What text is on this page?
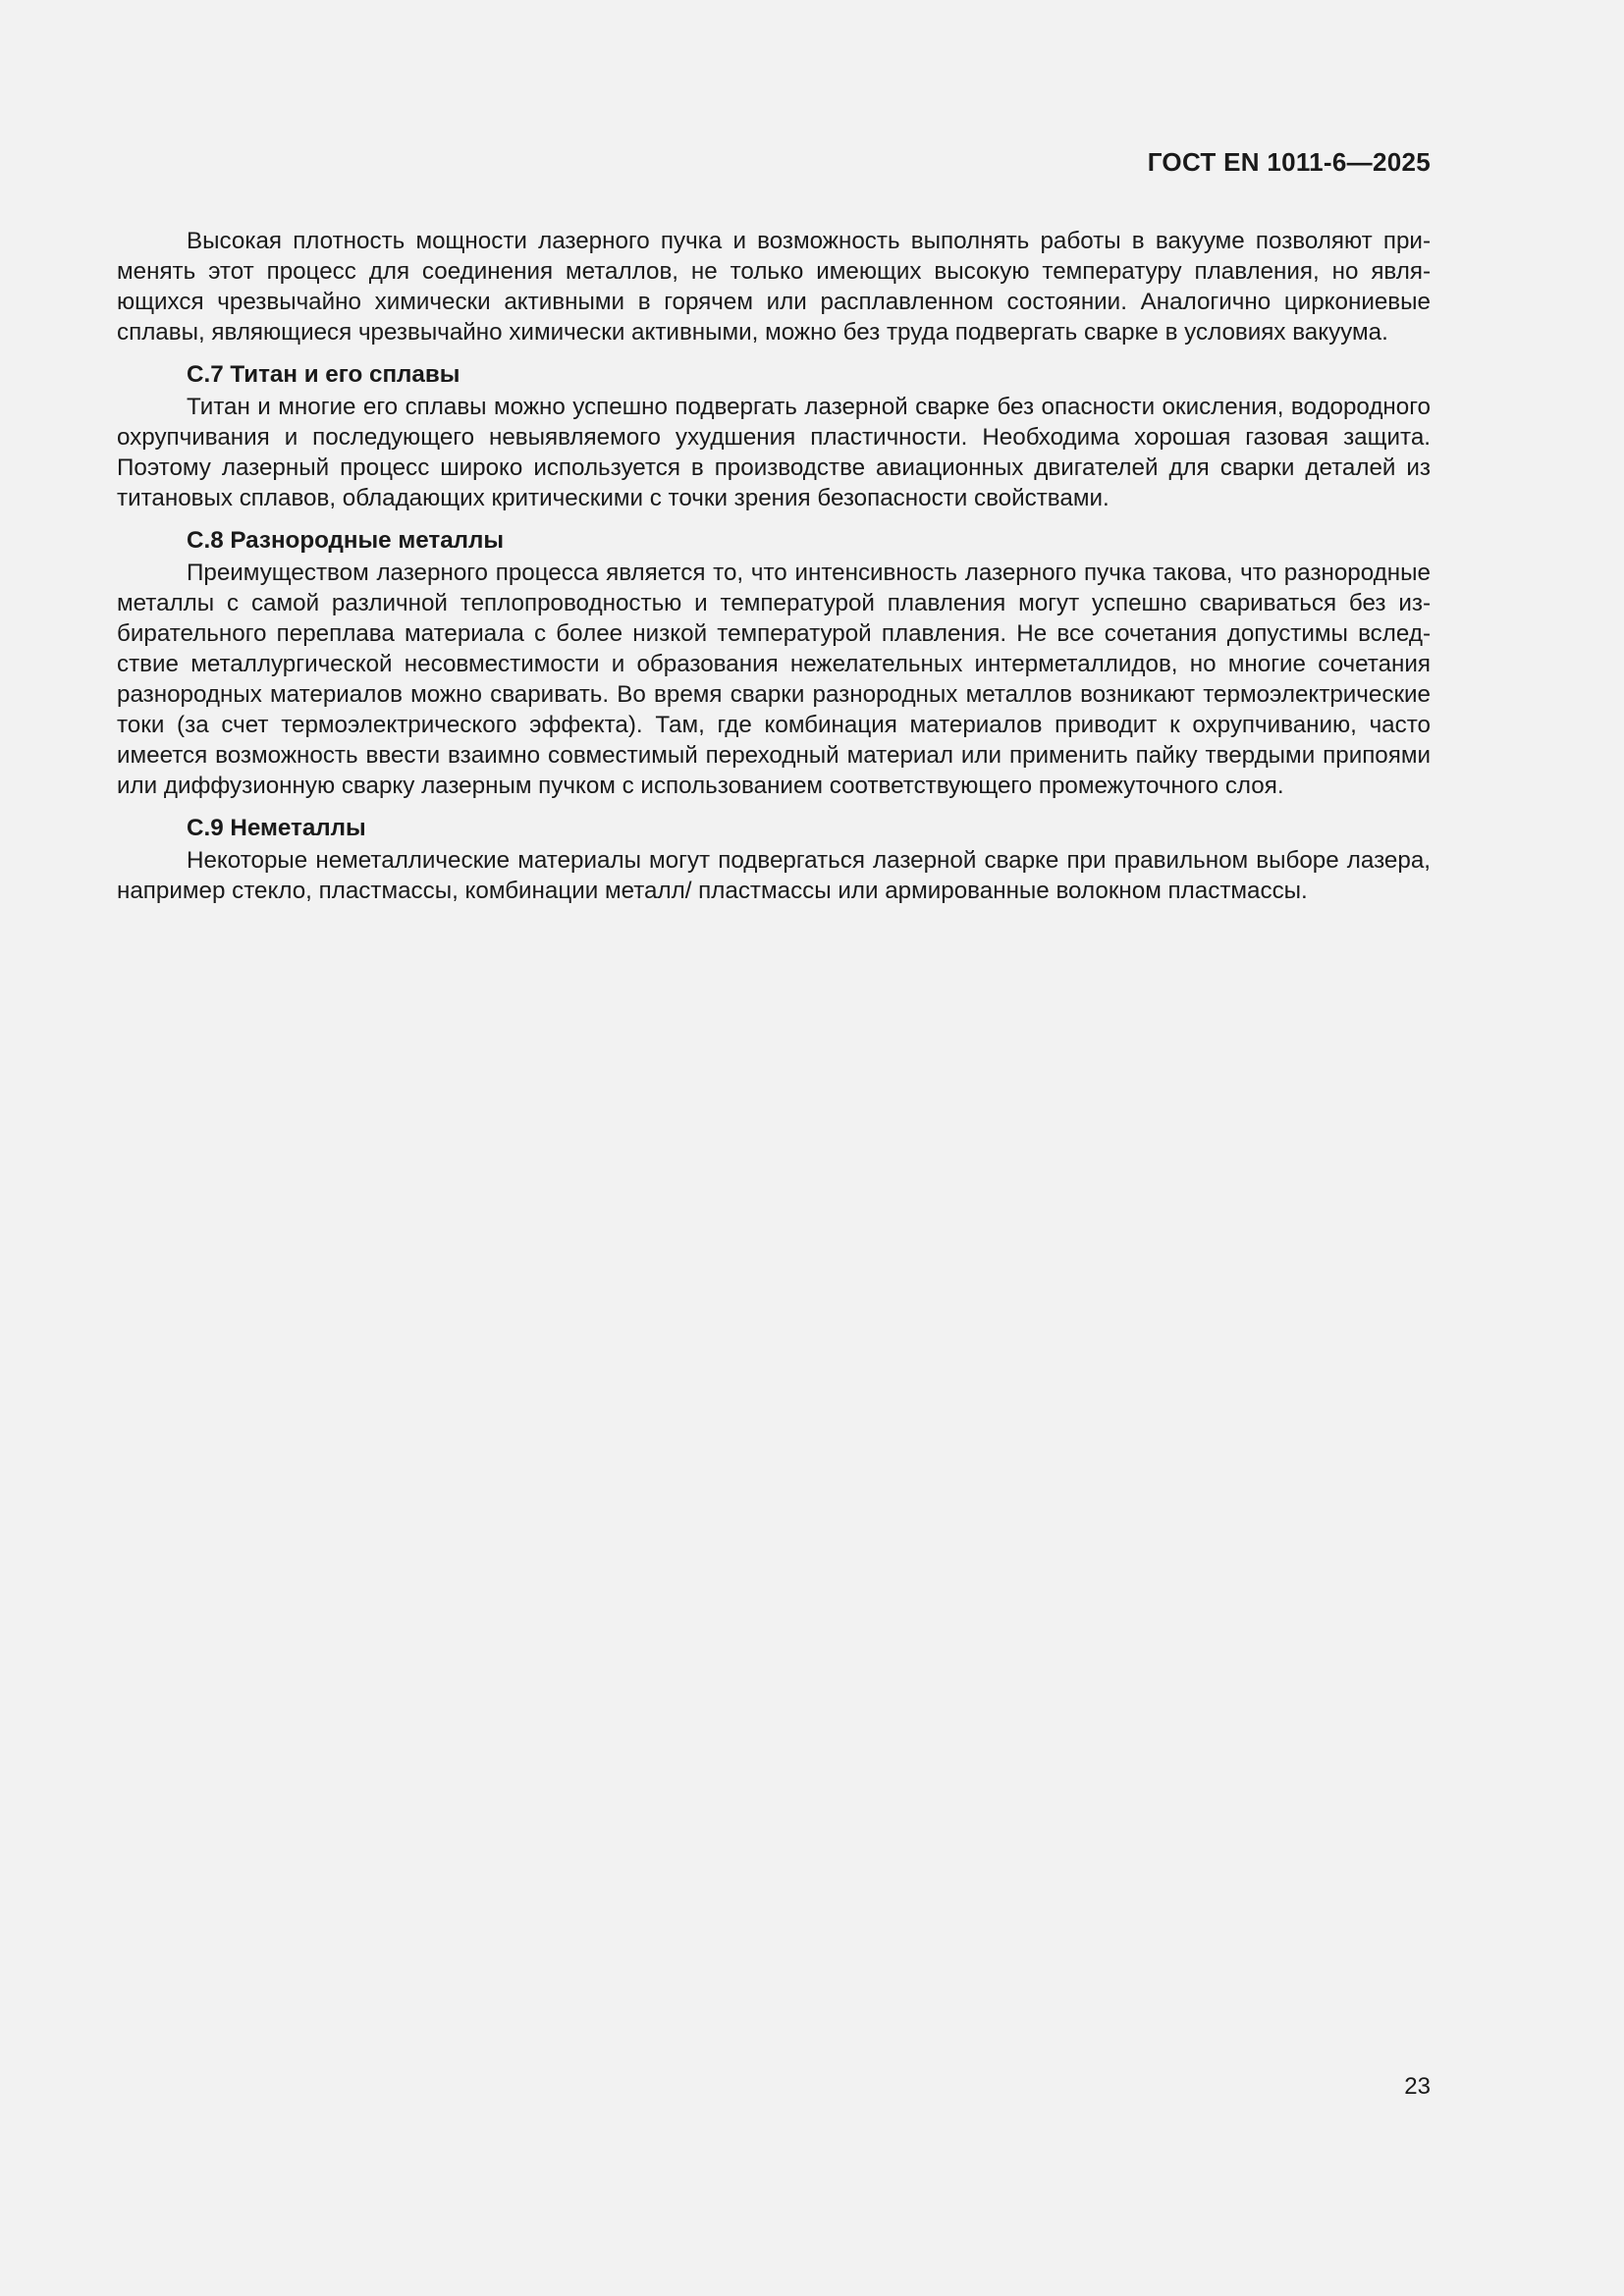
ГОСТ EN 1011-6—2025

Высокая плотность мощности лазерного пучка и возможность выполнять работы в вакууме позволяют применять этот процесс для соединения металлов, не только имеющих высокую температуру плавления, но являющихся чрезвычайно химически активными в горячем или расплавленном состоянии. Аналогично циркониевые сплавы, являющиеся чрезвычайно химически активными, можно без труда подвергать сварке в условиях вакуума.

С.7 Титан и его сплавы

Титан и многие его сплавы можно успешно подвергать лазерной сварке без опасности окисления, водородного охрупчивания и последующего невыявляемого ухудшения пластичности. Необходима хорошая газовая защита. Поэтому лазерный процесс широко используется в производстве авиационных двигателей для сварки деталей из титановых сплавов, обладающих критическими с точки зрения безопасности свойствами.

С.8 Разнородные металлы

Преимуществом лазерного процесса является то, что интенсивность лазерного пучка такова, что разнородные металлы с самой различной теплопроводностью и температурой плавления могут успешно свариваться без избирательного переплава материала с более низкой температурой плавления. Не все сочетания допустимы вследствие металлургической несовместимости и образования нежелательных интерметаллидов, но многие сочетания разнородных материалов можно сваривать. Во время сварки разнородных металлов возникают термоэлектрические токи (за счет термоэлектрического эффекта). Там, где комбинация материалов приводит к охрупчиванию, часто имеется возможность ввести взаимно совместимый переходный материал или применить пайку твердыми припоями или диффузионную сварку лазерным пучком с использованием соответствующего промежуточного слоя.

С.9 Неметаллы

Некоторые неметаллические материалы могут подвергаться лазерной сварке при правильном выборе лазера, например стекло, пластмассы, комбинации металл/ пластмассы или армированные волокном пластмассы.

23
